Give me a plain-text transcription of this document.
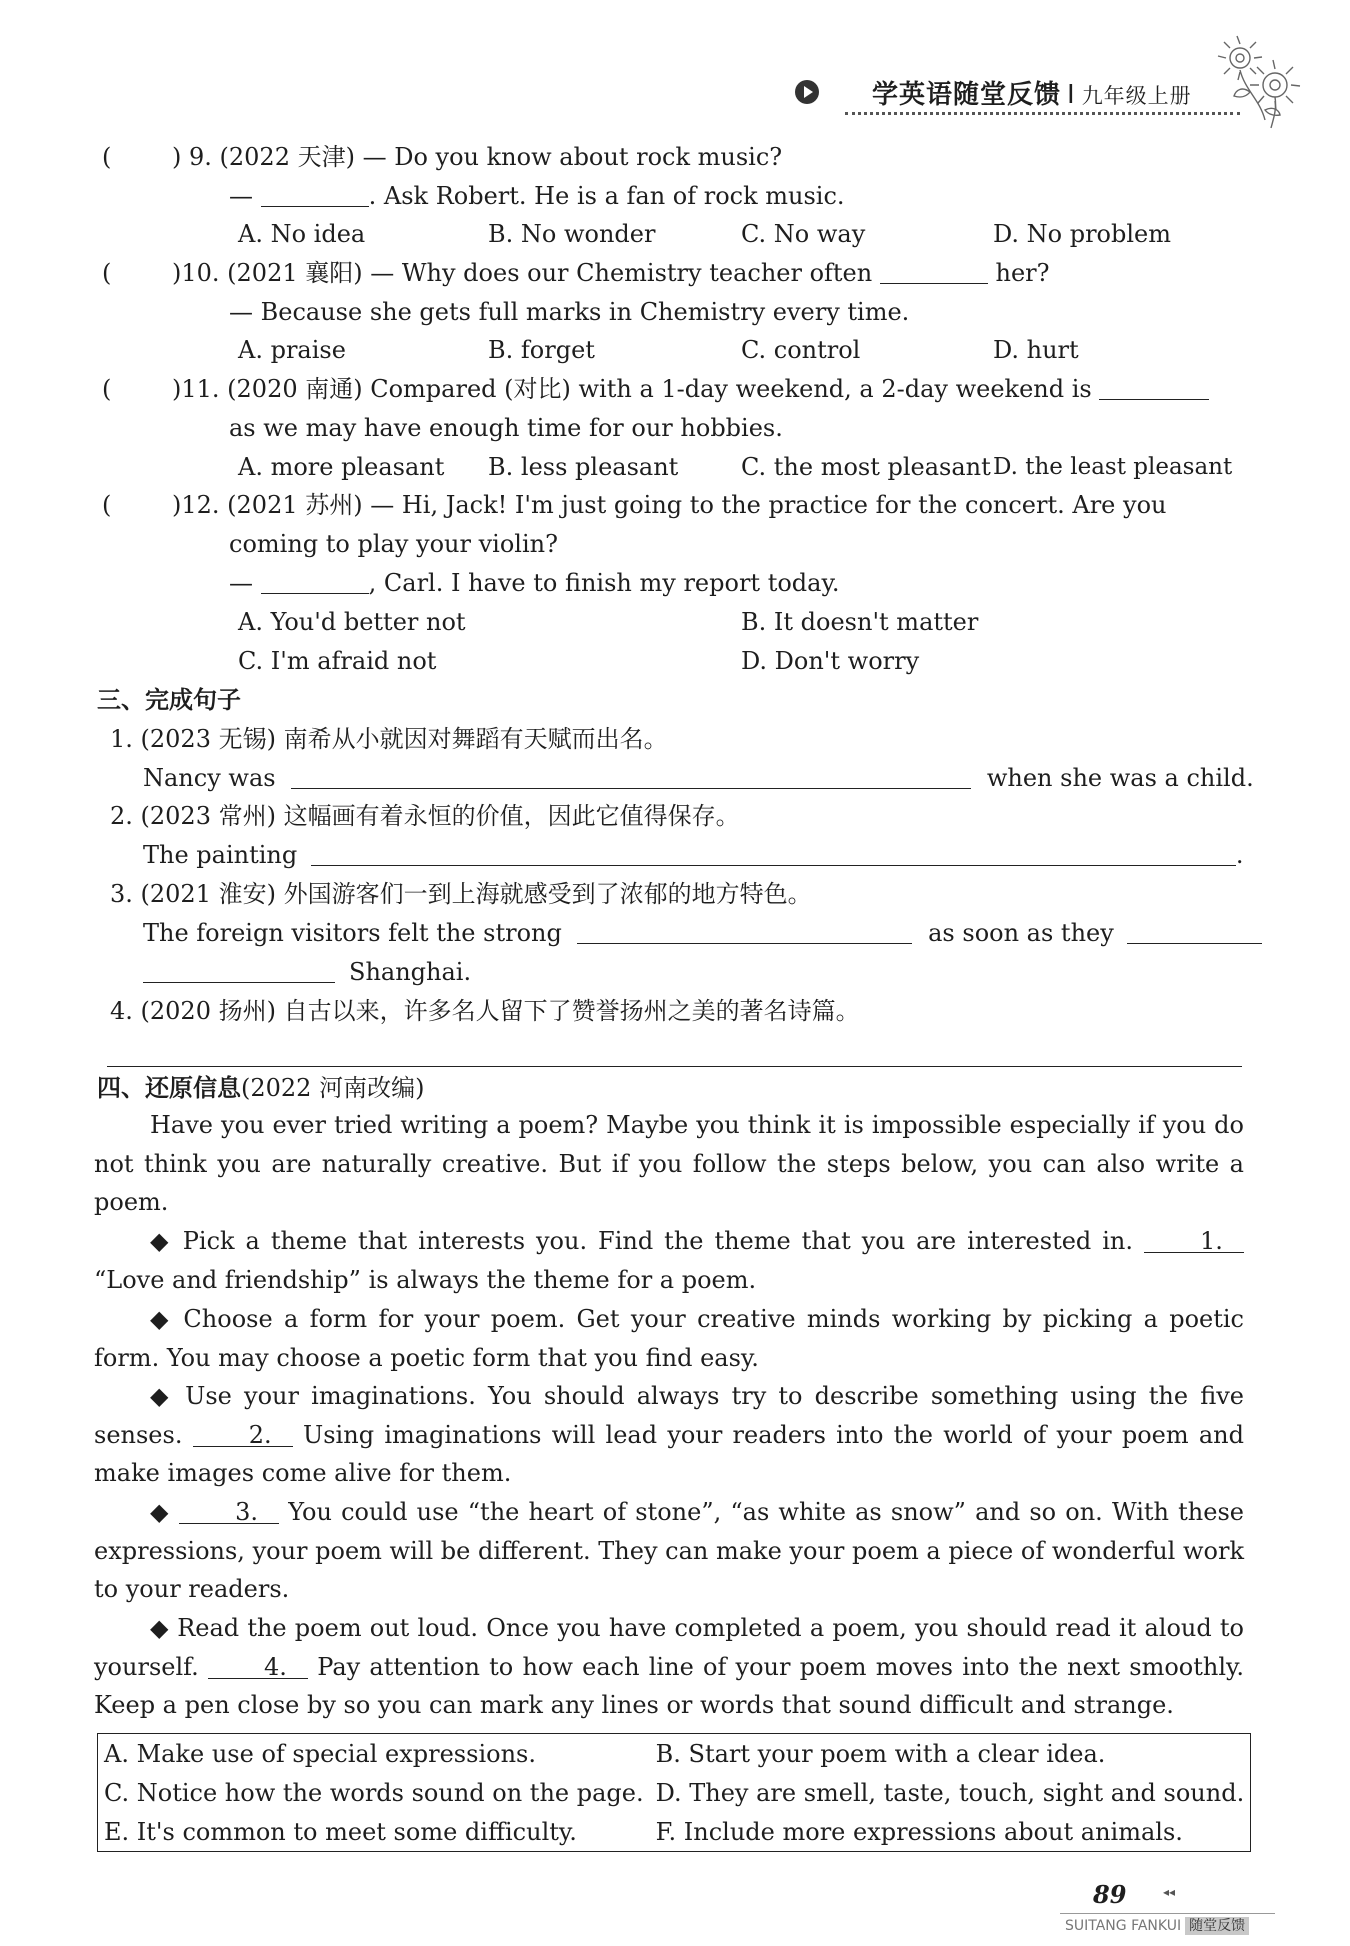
学英语随堂反馈 Ⅰ 九年级上册
(	) 9. (2022 天津) — Do you know about rock music?
—	. Ask Robert. He is a fan of rock music.
A. No idea	B. No wonder	C. No way	D. No problem
(	)10. (2021 襄阳) — Why does our Chemistry teacher often	her?
— Because she gets full marks in Chemistry every time.
A. praise	B. forget	C. control	D. hurt
(	)11. (2020 南通) Compared (对比) with a 1-day weekend, a 2-day weekend is
as we may have enough time for our hobbies.
A. more pleasant B. less pleasant	C. the most pleasant D. the least pleasant
(	)12. (2021 苏州) — Hi, Jack! I'm just going to the practice for the concert. Are you
coming to play your violin?
—	, Carl. I have to finish my report today.
A. You'd better not	B. It doesn't matter
C. I'm afraid not	D. Don't worry
三、完成句子
1. (2023 无锡) 南希从小就因对舞蹈有天赋而出名。
Nancy was	when she was a child.
2. (2023 常州) 这幅画有着永恒的价值，因此它值得保存。
The painting	.
3. (2021 淮安) 外国游客们一到上海就感受到了浓郁的地方特色。
The foreign visitors felt the strong	as soon as they
Shanghai.
4. (2020 扬州) 自古以来，许多名人留下了赞誉扬州之美的著名诗篇。
四、还原信息(2022 河南改编)
Have you ever tried writing a poem? Maybe you think it is impossible especially if you do not think you are naturally creative. But if you follow the steps below, you can also write a poem.
◆ Pick a theme that interests you. Find the theme that you are interested in.	1. “Love and friendship” is always the theme for a poem.
◆ Choose a form for your poem. Get your creative minds working by picking a poetic form. You may choose a poetic form that you find easy.
◆ Use your imaginations. You should always try to describe something using the five senses.	2. Using imaginations will lead your readers into the world of your poem and make images come alive for them.
◆	3. You could use “the heart of stone”, “as white as snow” and so on. With these expressions, your poem will be different. They can make your poem a piece of wonderful work to your readers.
◆ Read the poem out loud. Once you have completed a poem, you should read it aloud to yourself.	4. Pay attention to how each line of your poem moves into the next smoothly. Keep a pen close by so you can mark any lines or words that sound difficult and strange.
A. Make use of special expressions.	B. Start your poem with a clear idea.
C. Notice how the words sound on the page.	D. They are smell, taste, touch, sight and sound.
E. It's common to meet some difficulty.	F. Include more expressions about animals.
89	◂◂
SUITANG FANKUI 随堂反馈
